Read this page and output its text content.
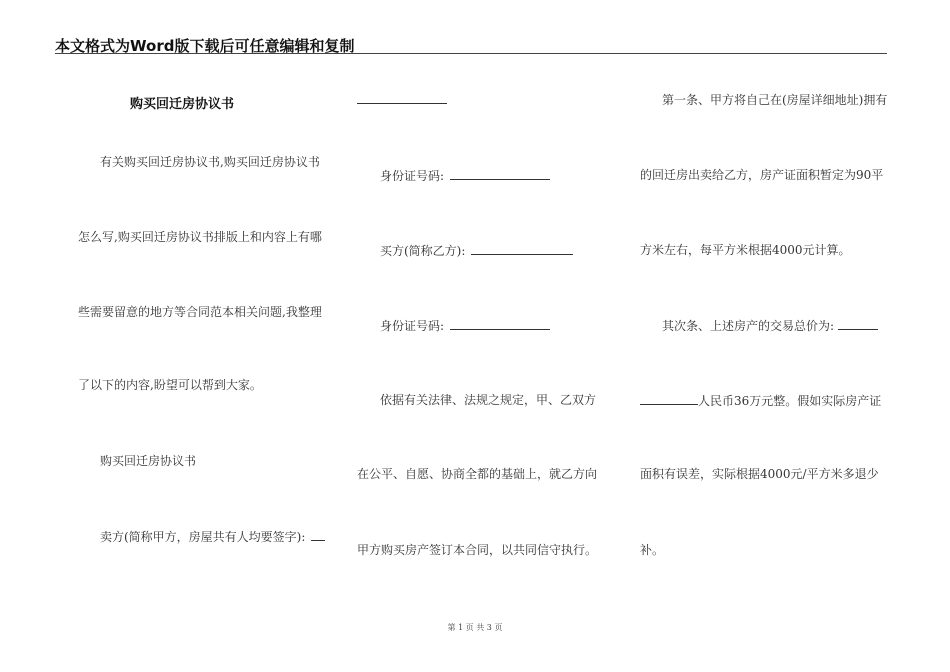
本文格式为Word版下载后可任意编辑和复制
购买回迁房协议书
有关购买回迁房协议书,购买回迁房协议书
怎么写,购买回迁房协议书排版上和内容上有哪
些需要留意的地方等合同范本相关问题,我整理
了以下的内容,盼望可以帮到大家。
购买回迁房协议书
卖方(简称甲方，房屋共有人均要签字):
身份证号码:
买方(简称乙方):
身份证号码:
依据有关法律、法规之规定，甲、乙双方
在公平、自愿、协商全都的基础上，就乙方向
甲方购买房产签订本合同，以共同信守执行。
第一条、甲方将自己在(房屋详细地址)拥有
的回迁房出卖给乙方，房产证面积暂定为90平
方米左右，每平方米根据4000元计算。
其次条、上述房产的交易总价为:
人民币36万元整。假如实际房产证
面积有误差，实际根据4000元/平方米多退少
补。
第 1 页 共 3 页
